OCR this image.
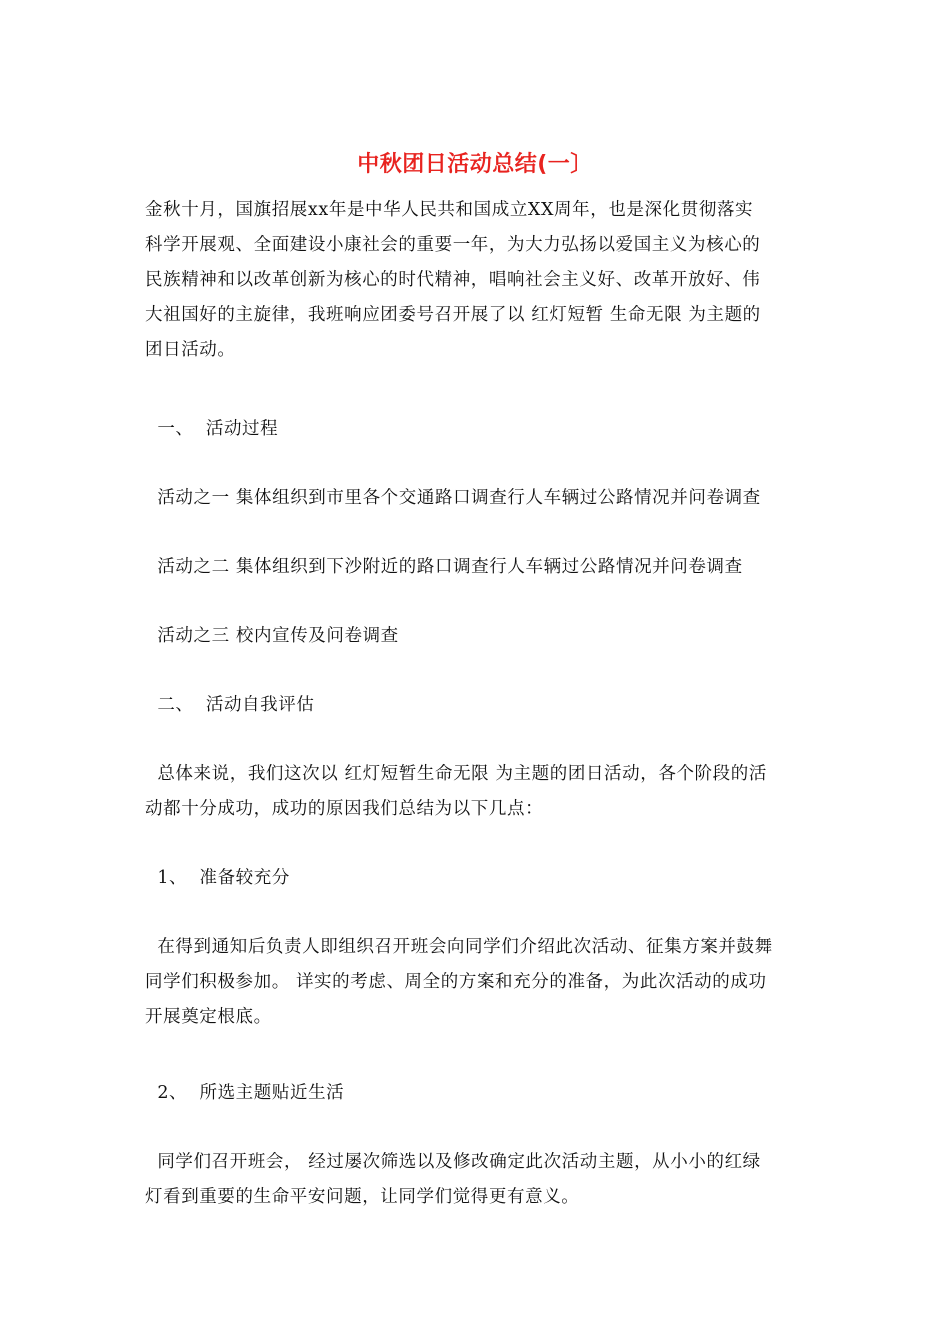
中秋团日活动总结(一〕
金秋十月，国旗招展xx年是中华人民共和国成立XX周年，也是深化贯彻落实
科学开展观、全面建设小康社会的重要一年，为大力弘扬以爱国主义为核心的
民族精神和以改革创新为核心的时代精神，唱响社会主义好、改革开放好、伟
大祖国好的主旋律，我班响应团委号召开展了以 红灯短暂 生命无限 为主题的
团日活动。
一、  活动过程
活动之一 集体组织到市里各个交通路口调查行人车辆过公路情况并问卷调查
活动之二 集体组织到下沙附近的路口调查行人车辆过公路情况并问卷调查
活动之三 校内宣传及问卷调查
二、  活动自我评估
总体来说，我们这次以 红灯短暂生命无限 为主题的团日活动，各个阶段的活
动都十分成功，成功的原因我们总结为以下几点：
1、  准备较充分
在得到通知后负责人即组织召开班会向同学们介绍此次活动、征集方案并鼓舞
同学们积极参加。 详实的考虑、周全的方案和充分的准备，为此次活动的成功
开展奠定根底。
2、  所选主题贴近生活
同学们召开班会， 经过屡次筛选以及修改确定此次活动主题，从小小的红绿
灯看到重要的生命平安问题，让同学们觉得更有意义。
